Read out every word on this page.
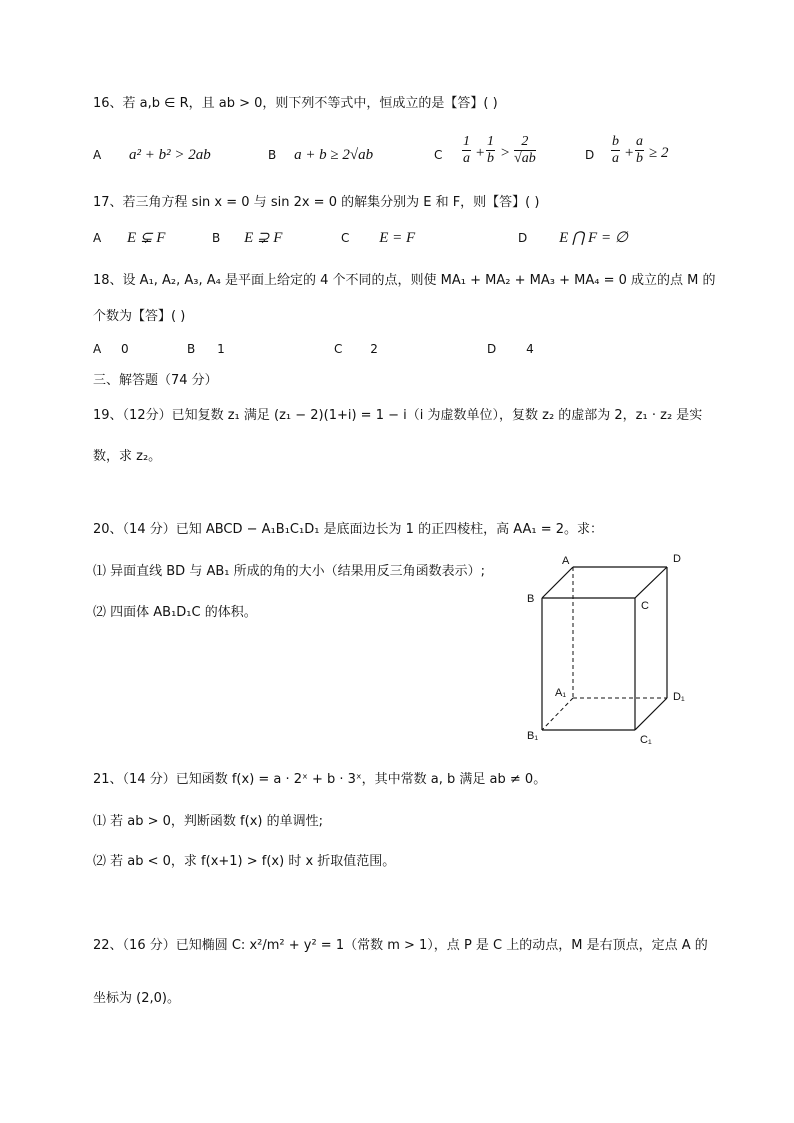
16、若 a,b ∈ R，且 ab > 0，则下列不等式中，恒成立的是【答】( )
A a² + b² > 2ab	B a + b ≥ 2√ab	C $\frac{1}{a} + \frac{1}{b} > \frac{2}{√ab}$	D $\frac{b}{a} + \frac{a}{b} \ge 2$
17、若三角方程 sin x = 0 与 sin 2x = 0 的解集分别为 E 和 F，则【答】( )
A E ⊊ F	B E ⊋ F	C E = F	D E ⋂ F = ∅
18、设 A₁, A₂, A₃, A₄ 是平面上给定的 4 个不同的点，则使 MA₁ + MA₂ + MA₃ + MA₄ = 0 成立的点 M 的
个数为【答】( )
A 0	B 1	C 2	D 4
三、解答题（74 分）
19、（12分）已知复数 z₁ 满足 (z₁ − 2)(1+i) = 1 − i（i 为虚数单位），复数 z₂ 的虚部为 2，z₁ · z₂ 是实
数，求 z₂。
20、（14 分）已知 ABCD − A₁B₁C₁D₁ 是底面边长为 1 的正四棱柱，高 AA₁ = 2。求：
⑴ 异面直线 BD 与 AB₁ 所成的角的大小（结果用反三角函数表示）;
⑵ 四面体 AB₁D₁C 的体积。
A	D
B
C
A₁	D₁
B₁	C₁
21、（14 分）已知函数 f(x) = a · 2ˣ + b · 3ˣ，其中常数 a, b 满足 ab ≠ 0。
⑴ 若 ab > 0，判断函数 f(x) 的单调性;
⑵ 若 ab < 0，求 f(x+1) > f(x) 时 x 折取值范围。
22、（16 分）已知椭圆 C: x²/m² + y² = 1（常数 m > 1），点 P 是 C 上的动点，M 是右顶点，定点 A 的
坐标为 (2,0)。
